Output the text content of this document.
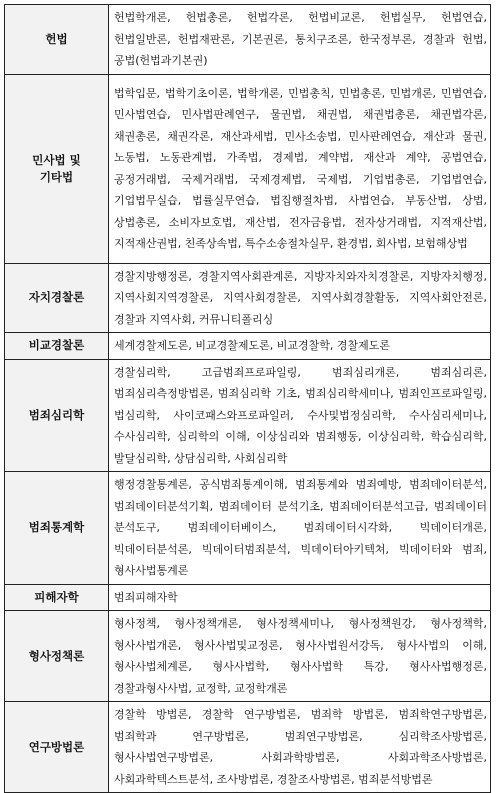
헌법	헌법학개론, 헌법총론, 헌법각론, 헌법비교론, 헌법실무, 헌법연습, 헌법일반론, 헌법재판론, 기본권론, 통치구조론, 한국정부론, 경찰과 헌법, 공법(헌법과기본권)
민사법 및
기타법	법학입문, 법학기초이론, 법학개론, 민법총칙, 민법총론, 민법개론, 민법연습, 민사법연습, 민사법판례연구, 물권법, 채권법, 채권법총론, 채권법각론, 채권총론, 채권각론, 재산과세법, 민사소송법, 민사판례연습, 재산과 물권, 노동법, 노동관계법, 가족법, 경제법, 계약법, 재산과 계약, 공법연습, 공정거래법, 국제거래법, 국제경제법, 국제법, 기업법총론, 기업법연습, 기업법무실습, 법률실무연습, 법집행절차법, 사법연습, 부동산법, 상법, 상법총론, 소비자보호법, 재산법, 전자금융법, 전자상거래법, 지적재산법, 지적재산권법, 친족상속법, 특수소송절차실무, 환경법, 회사법, 보험해상법
자치경찰론	경찰지방행정론, 경찰지역사회관계론, 지방자치와자치경찰론, 지방자치행정, 지역사회지역경찰론, 지역사회경찰론, 지역사회경찰활동, 지역사회안전론, 경찰과 지역사회, 커뮤니티폴리싱
비교경찰론	세계경찰제도론, 비교경찰제도론, 비교경찰학, 경찰제도론
범죄심리학	경찰심리학, 고급범죄프로파일링, 범죄심리개론, 범죄심리론, 범죄심리측정방법론, 범죄심리학 기초, 범죄심리학세미나, 범죄인프로파일링, 법심리학, 사이코패스와프로파일러, 수사및법정심리학, 수사심리세미나, 수사심리학, 심리학의 이해, 이상심리와 범죄행동, 이상심리학, 학습심리학, 발달심리학, 상담심리학, 사회심리학
범죄통계학	행정경찰통계론, 공식범죄통계이해, 범죄통계와 범죄예방, 범죄데이터분석, 범죄데이터분석기획, 범죄데이터 분석기초, 범죄데이터분석고급, 범죄데이터 분석도구, 범죄데이터베이스, 범죄데이터시각화, 빅데이터개론, 빅데이터분석론, 빅데이터범죄분석, 빅데이터아키텍쳐, 빅데이터와 범죄, 형사사법통계론
피해자학	범죄피해자학
형사정책론	형사정책, 형사정책개론, 형사정책세미나, 형사정책원강, 형사정책학, 형사사법개론, 형사사법및교정론, 형사사법원서강독, 형사사법의 이해, 형사사법체계론, 형사사법학, 형사사법학 특강, 형사사법행정론, 경찰과형사사법, 교정학, 교정학개론
연구방법론	경찰학 방법론, 경찰학 연구방법론, 범죄학 방법론, 범죄학연구방법론, 범죄학과 연구방법론, 범죄연구방법론, 심리학조사방법론, 형사사법연구방법론, 사회과학방법론, 사회과학조사방법론, 사회과학텍스트분석, 조사방법론, 경찰조사방법론, 범죄분석방법론
